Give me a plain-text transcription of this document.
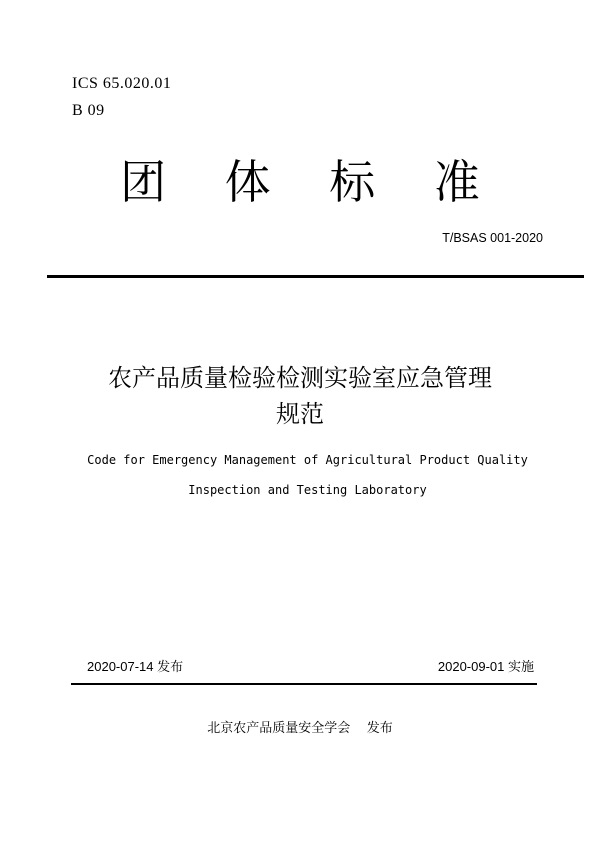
ICS 65.020.01
B 09
团 体 标 准
T/BSAS 001-2020
农产品质量检验检测实验室应急管理
规范
Code for Emergency Management of Agricultural Product Quality
Inspection and Testing Laboratory
2020-07-14 发布	2020-09-01 实施
北京农产品质量安全学会    发布
